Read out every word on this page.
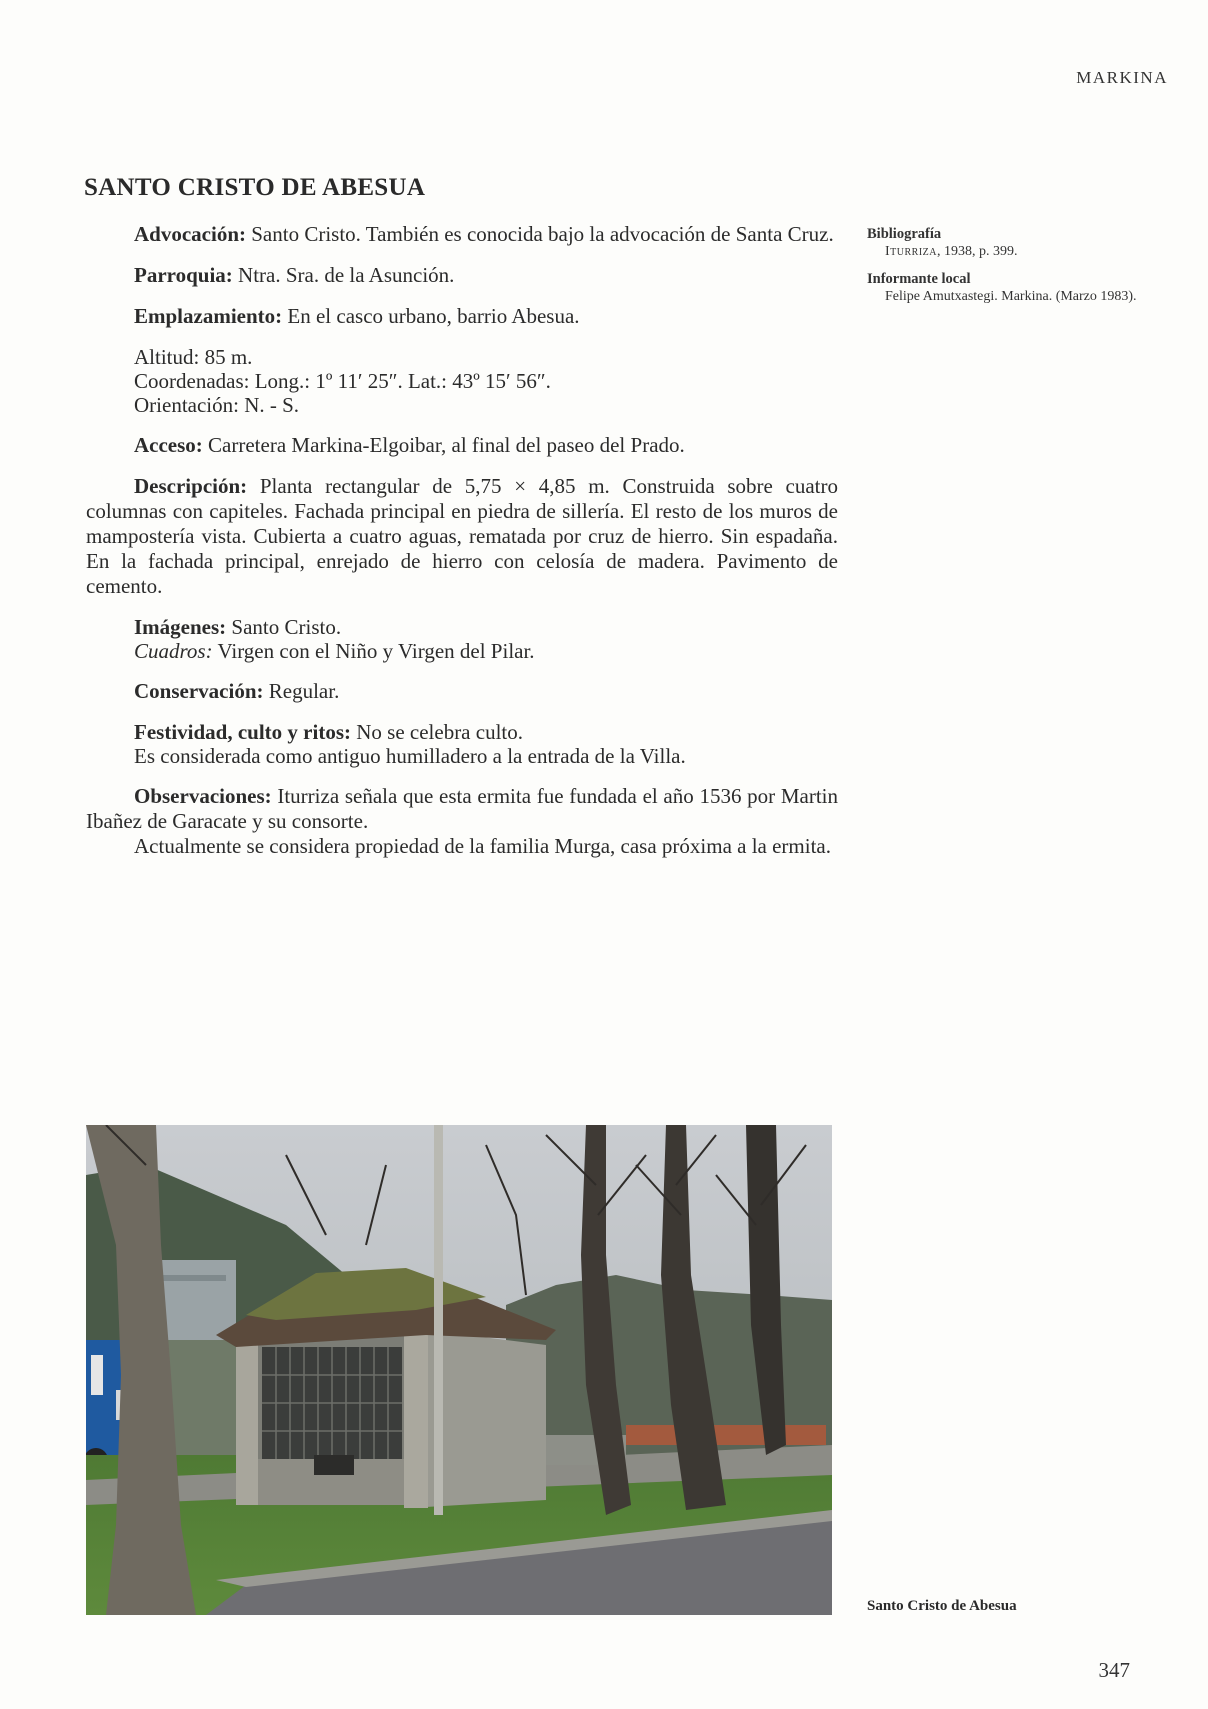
MARKINA
SANTO CRISTO DE ABESUA

Advocación: Santo Cristo. También es conocida bajo la advocación de Santa Cruz.

Parroquia: Ntra. Sra. de la Asunción.

Emplazamiento: En el casco urbano, barrio Abesua.

Altitud: 85 m.
Coordenadas: Long.: 1º 11′ 25″. Lat.: 43º 15′ 56″.
Orientación: N. - S.

Acceso: Carretera Markina-Elgoibar, al final del paseo del Prado.

Descripción: Planta rectangular de 5,75 × 4,85 m. Construida sobre cuatro columnas con capiteles. Fachada principal en piedra de sillería. El resto de los muros de mampostería vista. Cubierta a cuatro aguas, rematada por cruz de hierro. Sin espadaña. En la fachada principal, enrejado de hierro con celosía de madera. Pavimento de cemento.

Imágenes: Santo Cristo.
Cuadros: Virgen con el Niño y Virgen del Pilar.

Conservación: Regular.

Festividad, culto y ritos: No se celebra culto.
Es considerada como antiguo humilladero a la entrada de la Villa.

Observaciones: Iturriza señala que esta ermita fue fundada el año 1536 por Martin Ibañez de Garacate y su consorte.

Actualmente se considera propiedad de la familia Murga, casa próxima a la ermita.

Bibliografía
Iturriza, 1938, p. 399.
Informante local
Felipe Amutxastegi. Markina. (Marzo 1983).
Santo Cristo de Abesua
347
